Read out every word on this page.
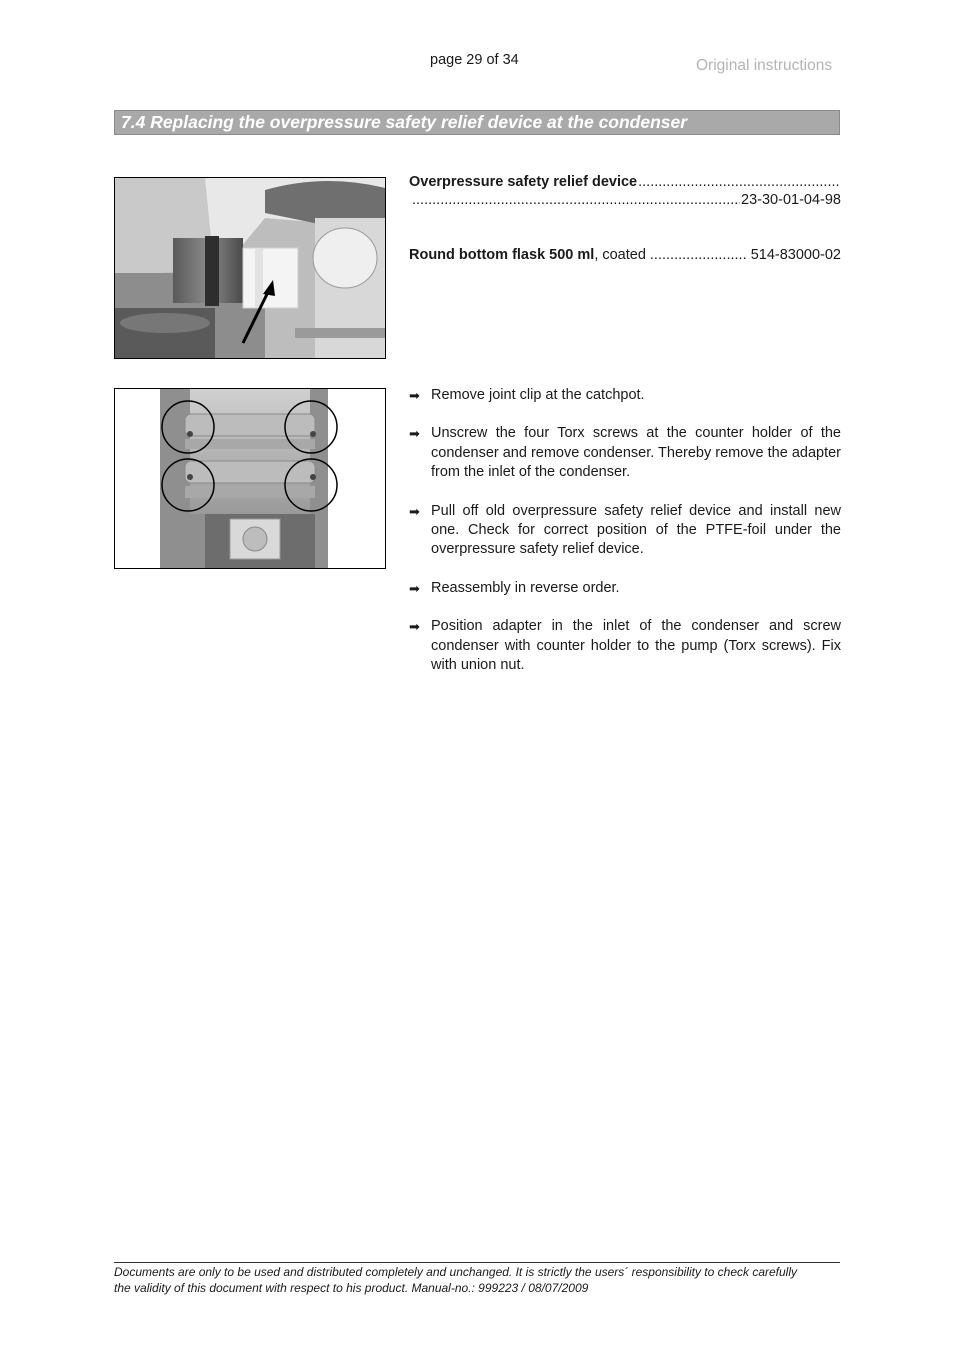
page 29 of 34	Original instructions
7.4 Replacing the overpressure safety relief device at the condenser
Overpressure safety relief device
.....
.....
23-30-01-04-98
Round bottom flask 500 ml, coated
.....	514-83000-02
➡ Remove joint clip at the catchpot.
➡ Unscrew the four Torx screws at the counter holder of the condenser and remove condenser. Thereby remove the adapter from the inlet of the condenser.
➡ Pull off old overpressure safety relief device and install new one. Check for correct position of the PTFE-foil under the overpressure safety relief device.
➡ Reassembly in reverse order.
➡ Position adapter in the inlet of the condenser and screw condenser with counter holder to the pump (Torx screws). Fix with union nut.
Documents are only to be used and distributed completely and unchanged. It is strictly the users´ responsibility to check carefully
the validity of this document with respect to his product. Manual-no.: 999223 / 08/07/2009
